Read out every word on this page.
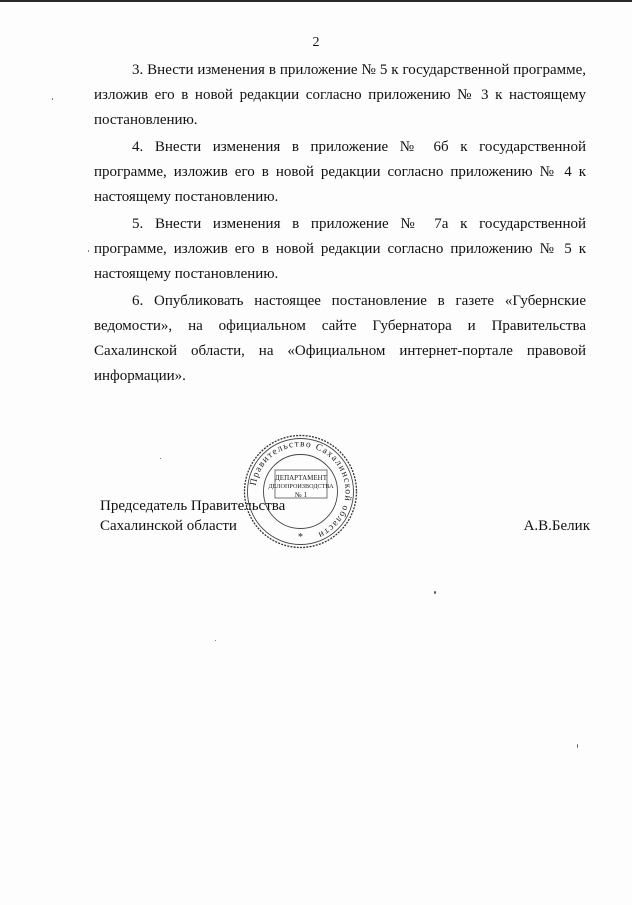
2

3. Внести изменения в приложение № 5 к государственной программе, изложив его в новой редакции согласно приложению № 3 к настоящему постановлению.

4. Внести изменения в приложение № 6б к государственной программе, изложив его в новой редакции согласно приложению № 4 к настоящему постановлению.

5. Внести изменения в приложение № 7а к государственной программе, изложив его в новой редакции согласно приложению № 5 к настоящему постановлению.

6. Опубликовать настоящее постановление в газете «Губернские ведомости», на официальном сайте Губернатора и Правительства Сахалинской области, на «Официальном интернет-портале правовой информации».

Председатель Правительства
Сахалинской области	А.В.Белик
Правительство Сахалинской области
ДЕПАРТАМЕНТ
ДЕЛОПРОИЗВОДСТВА
№ 1
*
